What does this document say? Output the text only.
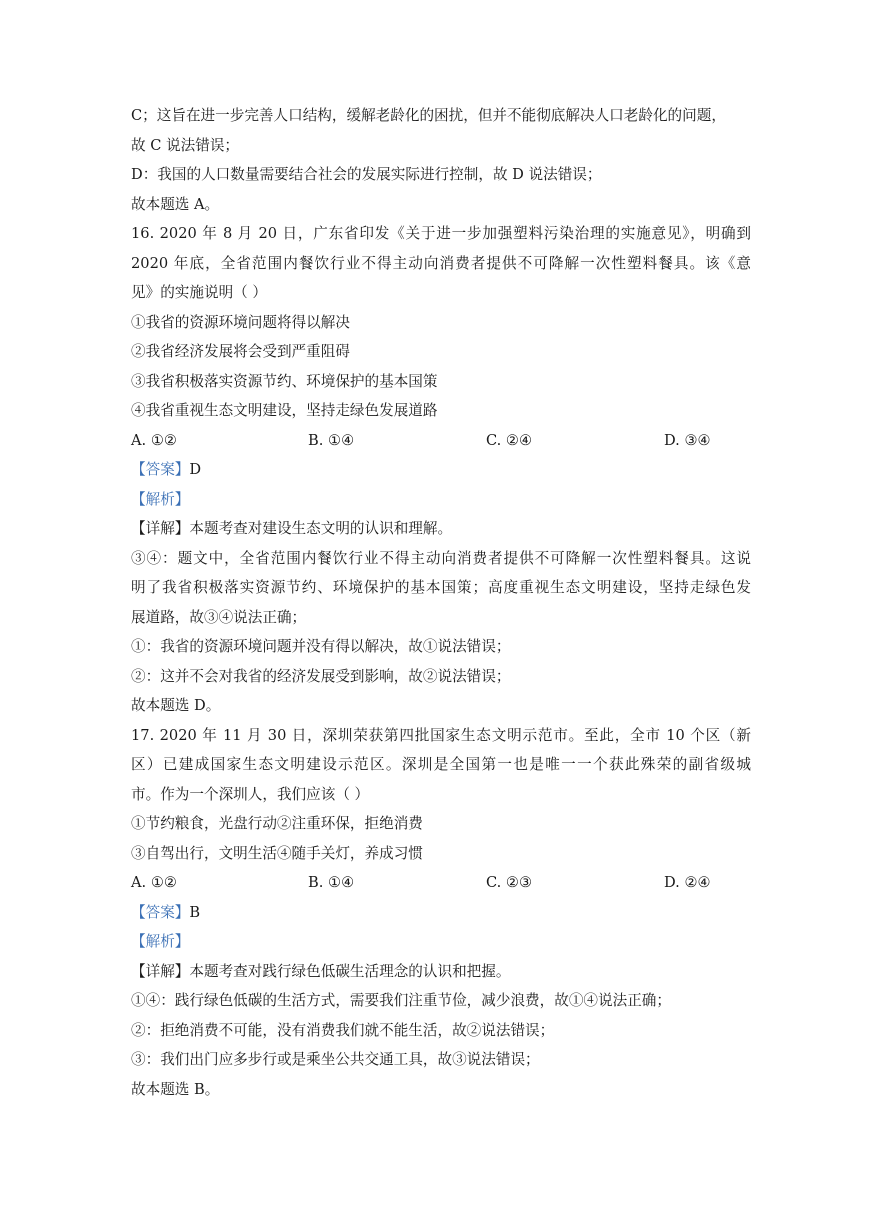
C；这旨在进一步完善人口结构，缓解老龄化的困扰，但并不能彻底解决人口老龄化的问题，
故 C 说法错误；
D：我国的人口数量需要结合社会的发展实际进行控制，故 D 说法错误；
故本题选 A。
16. 2020 年 8 月 20 日，广东省印发《关于进一步加强塑料污染治理的实施意见》，明确到
2020 年底，全省范围内餐饮行业不得主动向消费者提供不可降解一次性塑料餐具。该《意
见》的实施说明（ ）
①我省的资源环境问题将得以解决
②我省经济发展将会受到严重阻碍
③我省积极落实资源节约、环境保护的基本国策
④我省重视生态文明建设，坚持走绿色发展道路
A. ①②	B. ①④	C. ②④	D. ③④
【答案】D
【解析】
【详解】本题考查对建设生态文明的认识和理解。
③④：题文中，全省范围内餐饮行业不得主动向消费者提供不可降解一次性塑料餐具。这说
明了我省积极落实资源节约、环境保护的基本国策；高度重视生态文明建设，坚持走绿色发
展道路，故③④说法正确；
①：我省的资源环境问题并没有得以解决，故①说法错误；
②：这并不会对我省的经济发展受到影响，故②说法错误；
故本题选 D。
17. 2020 年 11 月 30 日，深圳荣获第四批国家生态文明示范市。至此，全市 10 个区（新
区）已建成国家生态文明建设示范区。深圳是全国第一也是唯一一个获此殊荣的副省级城
市。作为一个深圳人，我们应该（ ）
①节约粮食，光盘行动②注重环保，拒绝消费
③自驾出行，文明生活④随手关灯，养成习惯
A. ①②	B. ①④	C. ②③	D. ②④
【答案】B
【解析】
【详解】本题考查对践行绿色低碳生活理念的认识和把握。
①④：践行绿色低碳的生活方式，需要我们注重节俭，减少浪费，故①④说法正确；
②：拒绝消费不可能，没有消费我们就不能生活，故②说法错误；
③：我们出门应多步行或是乘坐公共交通工具，故③说法错误；
故本题选 B。
